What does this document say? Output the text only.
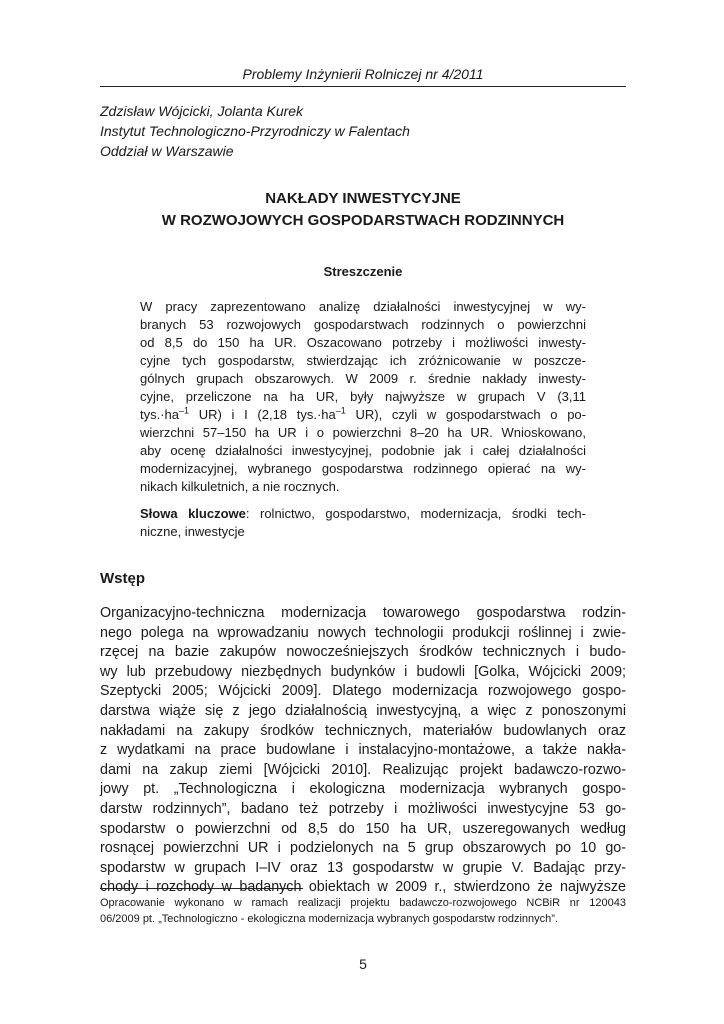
Problemy Inżynierii Rolniczej nr 4/2011
Zdzisław Wójcicki, Jolanta Kurek
Instytut Technologiczno-Przyrodniczy w Falentach
Oddział w Warszawie
NAKŁADY INWESTYCYJNE
W ROZWOJOWYCH GOSPODARSTWACH RODZINNYCH
Streszczenie
W pracy zaprezentowano analizę działalności inwestycyjnej w wy-
branych 53 rozwojowych gospodarstwach rodzinnych o powierzchni
od 8,5 do 150 ha UR. Oszacowano potrzeby i możliwości inwesty-
cyjne tych gospodarstw, stwierdzając ich zróżnicowanie w poszcze-
gólnych grupach obszarowych. W 2009 r. średnie nakłady inwesty-
cyjne, przeliczone na ha UR, były najwyższe w grupach V (3,11
$tys.\cdot ha^{-1}$ UR) i I (2,18 $tys.\cdot ha^{-1}$ UR), czyli w gospodarstwach o po-
wierzchni 57–150 ha UR i o powierzchni 8–20 ha UR. Wnioskowano,
aby ocenę działalności inwestycyjnej, podobnie jak i całej działalności
modernizacyjnej, wybranego gospodarstwa rodzinnego opierać na wy-
nikach kilkuletnich, a nie rocznych.
Słowa kluczowe: rolnictwo, gospodarstwo, modernizacja, środki tech-
niczne, inwestycje
Wstęp
Organizacyjno-techniczna modernizacja towarowego gospodarstwa rodzin-
nego polega na wprowadzaniu nowych technologii produkcji roślinnej i zwie-
rzęcej na bazie zakupów nowocześniejszych środków technicznych i budo-
wy lub przebudowy niezbędnych budynków i budowli [Golka, Wójcicki 2009;
Szeptycki 2005; Wójcicki 2009]. Dlatego modernizacja rozwojowego gospo-
darstwa wiąże się z jego działalnością inwestycyjną, a więc z ponoszonymi
nakładami na zakupy środków technicznych, materiałów budowlanych oraz
z wydatkami na prace budowlane i instalacyjno-montażowe, a także nakła-
dami na zakup ziemi [Wójcicki 2010]. Realizując projekt badawczo-rozwo-
jowy pt. „Technologiczna i ekologiczna modernizacja wybranych gospo-
darstw rodzinnych”, badano też potrzeby i możliwości inwestycyjne 53 go-
spodarstw o powierzchni od 8,5 do 150 ha UR, uszeregowanych według
rosnącej powierzchni UR i podzielonych na 5 grup obszarowych po 10 go-
spodarstw w grupach I–IV oraz 13 gospodarstw w grupie V. Badając przy-
chody i rozchody w badanych obiektach w 2009 r., stwierdzono że najwyższe
Opracowanie wykonano w ramach realizacji projektu badawczo-rozwojowego NCBiR nr 120043
06/2009 pt. „Technologiczno - ekologiczna modernizacja wybranych gospodarstw rodzinnych”.
5
